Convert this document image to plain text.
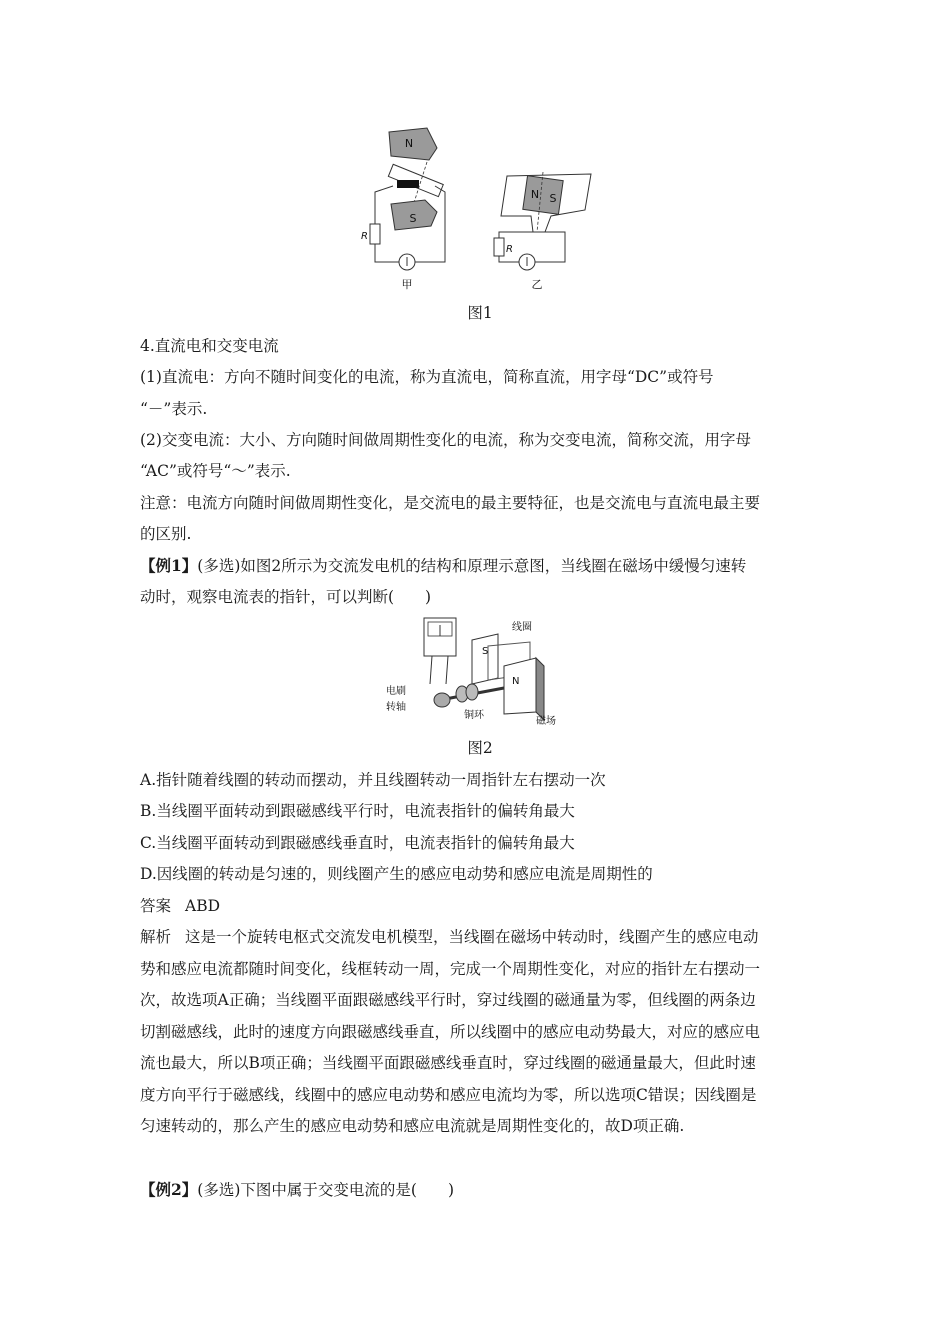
N
S
R
甲
N S
R
乙
图1
4.直流电和交变电流
(1)直流电：方向不随时间变化的电流，称为直流电，简称直流，用字母“DC”或符号
“－”表示.
(2)交变电流：大小、方向随时间做周期性变化的电流，称为交变电流，简称交流，用字母
“AC”或符号“～”表示.
注意：电流方向随时间做周期性变化，是交流电的最主要特征，也是交流电与直流电最主要
的区别.
【例1】(多选)如图2所示为交流发电机的结构和原理示意图，当线圈在磁场中缓慢匀速转
动时，观察电流表的指针，可以判断(　　)
S
N
线圈
电刷
转轴
铜环
磁场
图2
A.指针随着线圈的转动而摆动，并且线圈转动一周指针左右摆动一次
B.当线圈平面转动到跟磁感线平行时，电流表指针的偏转角最大
C.当线圈平面转动到跟磁感线垂直时，电流表指针的偏转角最大
D.因线圈的转动是匀速的，则线圈产生的感应电动势和感应电流是周期性的
答案 ABD
解析 这是一个旋转电枢式交流发电机模型，当线圈在磁场中转动时，线圈产生的感应电动
势和感应电流都随时间变化，线框转动一周，完成一个周期性变化，对应的指针左右摆动一
次，故选项A正确；当线圈平面跟磁感线平行时，穿过线圈的磁通量为零，但线圈的两条边
切割磁感线，此时的速度方向跟磁感线垂直，所以线圈中的感应电动势最大，对应的感应电
流也最大，所以B项正确；当线圈平面跟磁感线垂直时，穿过线圈的磁通量最大，但此时速
度方向平行于磁感线，线圈中的感应电动势和感应电流均为零，所以选项C错误；因线圈是
匀速转动的，那么产生的感应电动势和感应电流就是周期性变化的，故D项正确.
【例2】(多选)下图中属于交变电流的是(　　)
